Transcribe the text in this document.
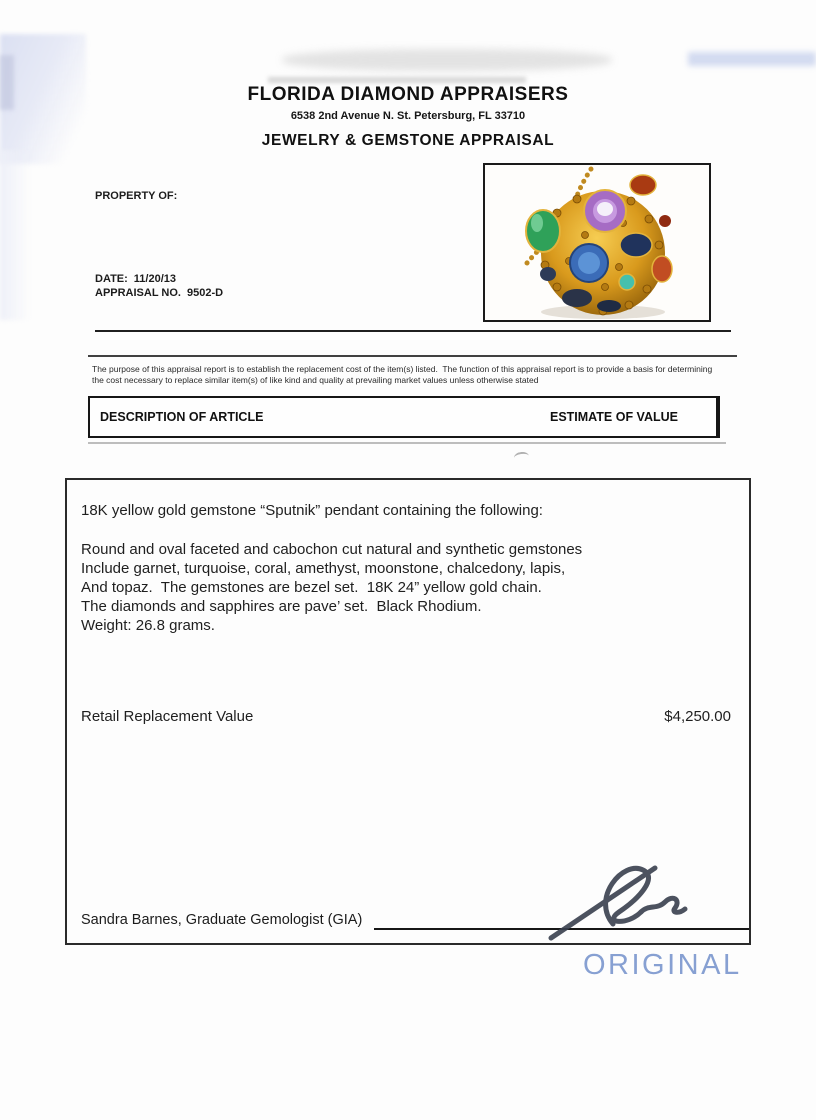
FLORIDA DIAMOND APPRAISERS
6538 2nd Avenue N. St. Petersburg, FL 33710
JEWELRY & GEMSTONE APPRAISAL
PROPERTY OF:
DATE: 11/20/13
APPRAISAL NO. 9502-D
The purpose of this appraisal report is to establish the replacement cost of the item(s) listed.  The function of this appraisal report is to provide a basis for determining the cost necessary to replace similar item(s) of like kind and quality at prevailing market values unless otherwise stated
DESCRIPTION OF ARTICLE	ESTIMATE OF VALUE
18K yellow gold gemstone “Sputnik” pendant containing the following:
Round and oval faceted and cabochon cut natural and synthetic gemstones
Include garnet, turquoise, coral, amethyst, moonstone, chalcedony, lapis,
And topaz.  The gemstones are bezel set.  18K 24” yellow gold chain.
The diamonds and sapphires are pave’ set.  Black Rhodium.
Weight: 26.8 grams.
Retail Replacement Value	$4,250.00
Sandra Barnes, Graduate Gemologist (GIA)
ORIGINAL
